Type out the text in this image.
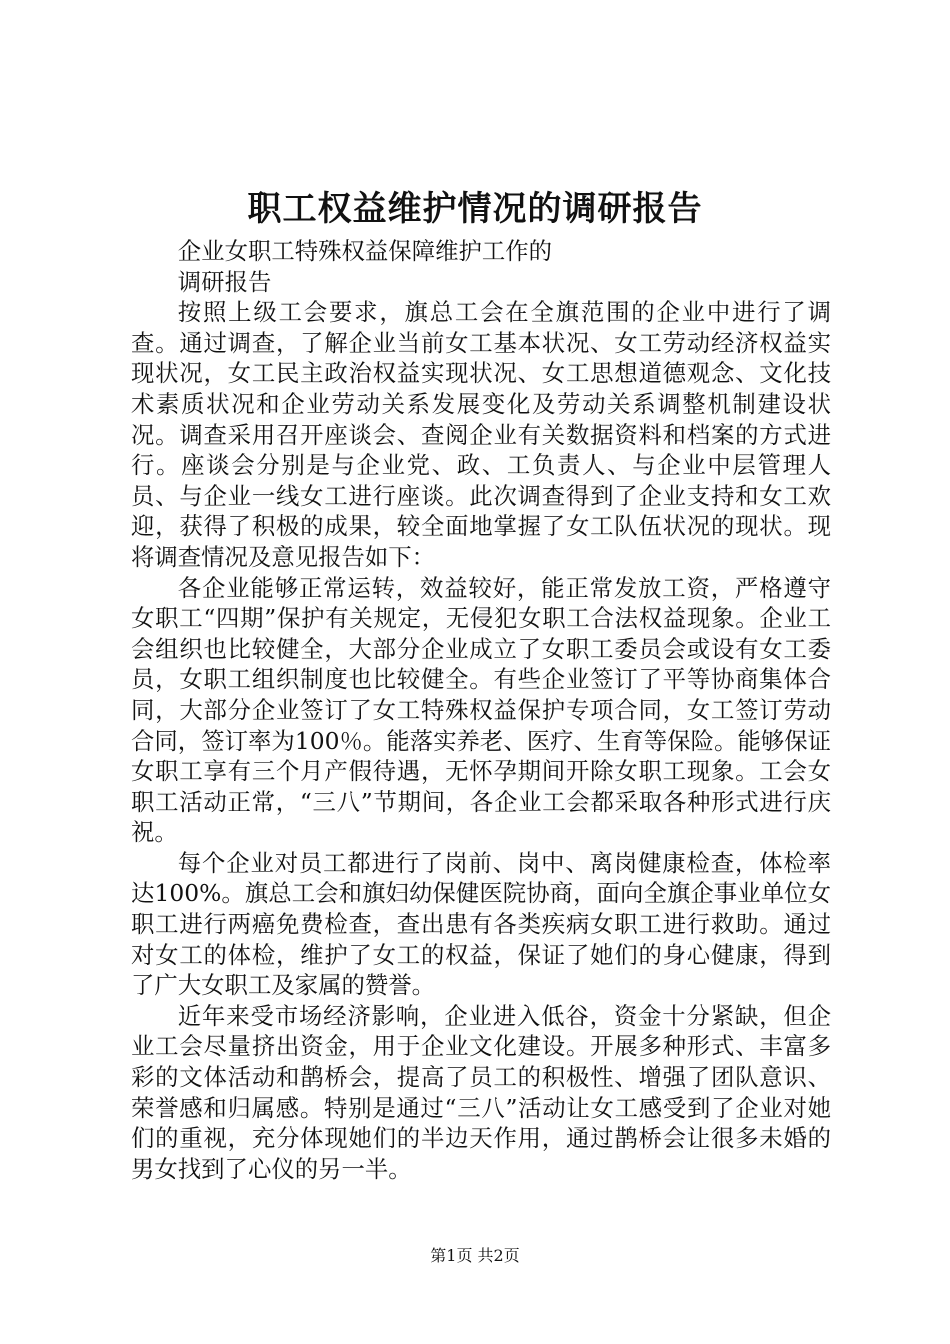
职工权益维护情况的调研报告

企业女职工特殊权益保障维护工作的

调研报告

按照上级工会要求，旗总工会在全旗范围的企业中进行了调查。通过调查，了解企业当前女工基本状况、女工劳动经济权益实现状况，女工民主政治权益实现状况、女工思想道德观念、文化技术素质状况和企业劳动关系发展变化及劳动关系调整机制建设状况。调查采用召开座谈会、查阅企业有关数据资料和档案的方式进行。座谈会分别是与企业党、政、工负责人、与企业中层管理人员、与企业一线女工进行座谈。此次调查得到了企业支持和女工欢迎，获得了积极的成果，较全面地掌握了女工队伍状况的现状。现将调查情况及意见报告如下：

各企业能够正常运转，效益较好，能正常发放工资，严格遵守女职工“四期”保护有关规定，无侵犯女职工合法权益现象。企业工会组织也比较健全，大部分企业成立了女职工委员会或设有女工委员，女职工组织制度也比较健全。有些企业签订了平等协商集体合同，大部分企业签订了女工特殊权益保护专项合同，女工签订劳动合同，签订率为100％。能落实养老、医疗、生育等保险。能够保证女职工享有三个月产假待遇，无怀孕期间开除女职工现象。工会女职工活动正常，“三八”节期间，各企业工会都采取各种形式进行庆祝。

每个企业对员工都进行了岗前、岗中、离岗健康检查，体检率达100%。旗总工会和旗妇幼保健医院协商，面向全旗企事业单位女职工进行两癌免费检查，查出患有各类疾病女职工进行救助。通过对女工的体检，维护了女工的权益，保证了她们的身心健康，得到了广大女职工及家属的赞誉。

近年来受市场经济影响，企业进入低谷，资金十分紧缺，但企业工会尽量挤出资金，用于企业文化建设。开展多种形式、丰富多彩的文体活动和鹊桥会，提高了员工的积极性、增强了团队意识、荣誉感和归属感。特别是通过“三八”活动让女工感受到了企业对她们的重视，充分体现她们的半边天作用，通过鹊桥会让很多未婚的男女找到了心仪的另一半。

第1页 共2页
